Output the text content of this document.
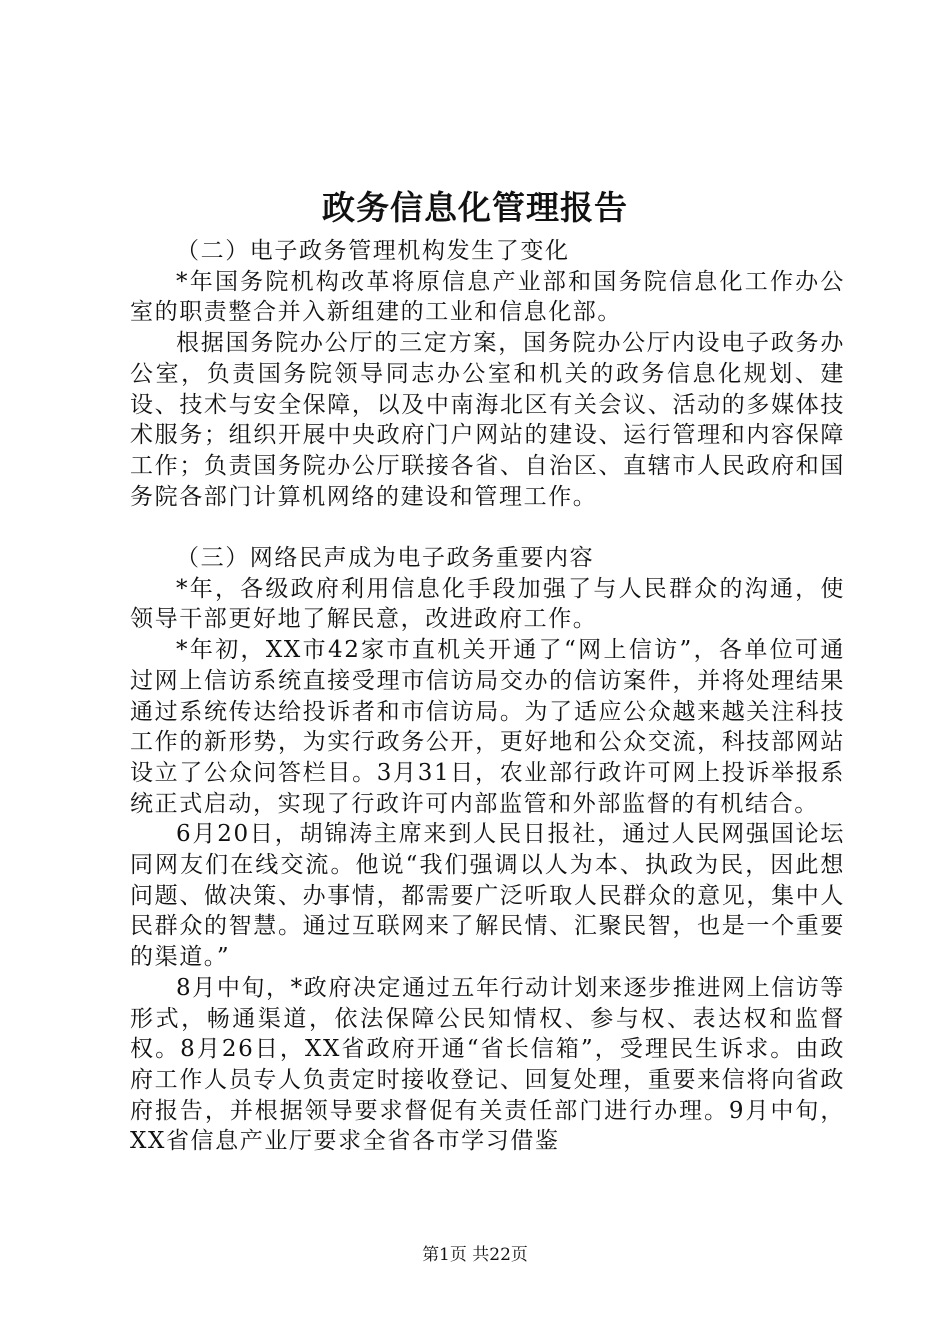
政务信息化管理报告

（二）电子政务管理机构发生了变化

*年国务院机构改革将原信息产业部和国务院信息化工作办公室的职责整合并入新组建的工业和信息化部。

根据国务院办公厅的三定方案，国务院办公厅内设电子政务办公室，负责国务院领导同志办公室和机关的政务信息化规划、建设、技术与安全保障，以及中南海北区有关会议、活动的多媒体技术服务；组织开展中央政府门户网站的建设、运行管理和内容保障工作；负责国务院办公厅联接各省、自治区、直辖市人民政府和国务院各部门计算机网络的建设和管理工作。

（三）网络民声成为电子政务重要内容

*年，各级政府利用信息化手段加强了与人民群众的沟通，使领导干部更好地了解民意，改进政府工作。

*年初，XX市42家市直机关开通了“网上信访”，各单位可通过网上信访系统直接受理市信访局交办的信访案件，并将处理结果通过系统传达给投诉者和市信访局。为了适应公众越来越关注科技工作的新形势，为实行政务公开，更好地和公众交流，科技部网站设立了公众问答栏目。3月31日，农业部行政许可网上投诉举报系统正式启动，实现了行政许可内部监管和外部监督的有机结合。

6月20日，胡锦涛主席来到人民日报社，通过人民网强国论坛同网友们在线交流。他说“我们强调以人为本、执政为民，因此想问题、做决策、办事情，都需要广泛听取人民群众的意见，集中人民群众的智慧。通过互联网来了解民情、汇聚民智，也是一个重要的渠道。”

8月中旬，*政府决定通过五年行动计划来逐步推进网上信访等形式，畅通渠道，依法保障公民知情权、参与权、表达权和监督权。8月26日，XX省政府开通“省长信箱”，受理民生诉求。由政府工作人员专人负责定时接收登记、回复处理，重要来信将向省政府报告，并根据领导要求督促有关责任部门进行办理。9月中旬，XX省信息产业厅要求全省各市学习借鉴

第1页 共22页
